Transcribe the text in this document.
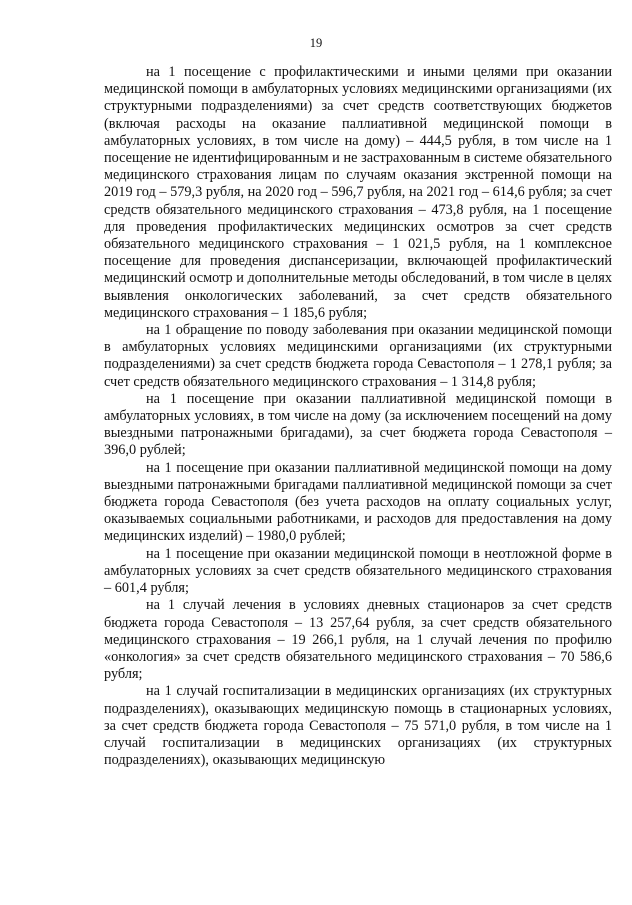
19

на 1 посещение с профилактическими и иными целями при оказании медицинской помощи в амбулаторных условиях медицинскими организациями (их структурными подразделениями) за счет средств соответствующих бюджетов (включая расходы на оказание паллиативной медицинской помощи в амбулаторных условиях, в том числе на дому) – 444,5 рубля, в том числе на 1 посещение не идентифицированным и не застрахованным в системе обязательного медицинского страхования лицам по случаям оказания экстренной помощи на 2019 год – 579,3 рубля, на 2020 год – 596,7 рубля, на 2021 год – 614,6 рубля; за счет средств обязательного медицинского страхования – 473,8 рубля, на 1 посещение для проведения профилактических медицинских осмотров за счет средств обязательного медицинского страхования – 1 021,5 рубля, на 1 комплексное посещение для проведения диспансеризации, включающей профилактический медицинский осмотр и дополнительные методы обследований, в том числе в целях выявления онкологических заболеваний, за счет средств обязательного медицинского страхования – 1 185,6 рубля;

на 1 обращение по поводу заболевания при оказании медицинской помощи в амбулаторных условиях медицинскими организациями (их структурными подразделениями) за счет средств бюджета города Севастополя – 1 278,1 рубля; за счет средств обязательного медицинского страхования – 1 314,8 рубля;

на 1 посещение при оказании паллиативной медицинской помощи в амбулаторных условиях, в том числе на дому (за исключением посещений на дому выездными патронажными бригадами), за счет бюджета города Севастополя – 396,0 рублей;

на 1 посещение при оказании паллиативной медицинской помощи на дому выездными патронажными бригадами паллиативной медицинской помощи за счет бюджета города Севастополя (без учета расходов на оплату социальных услуг, оказываемых социальными работниками, и расходов для предоставления на дому медицинских изделий) – 1980,0 рублей;

на 1 посещение при оказании медицинской помощи в неотложной форме в амбулаторных условиях за счет средств обязательного медицинского страхования – 601,4 рубля;

на 1 случай лечения в условиях дневных стационаров за счет средств бюджета города Севастополя – 13 257,64 рубля, за счет средств обязательного медицинского страхования – 19 266,1 рубля, на 1 случай лечения по профилю «онкология» за счет средств обязательного медицинского страхования – 70 586,6 рубля;

на 1 случай госпитализации в медицинских организациях (их структурных подразделениях), оказывающих медицинскую помощь в стационарных условиях, за счет средств бюджета города Севастополя – 75 571,0 рубля, в том числе на 1 случай госпитализации в медицинских организациях (их структурных подразделениях), оказывающих медицинскую
